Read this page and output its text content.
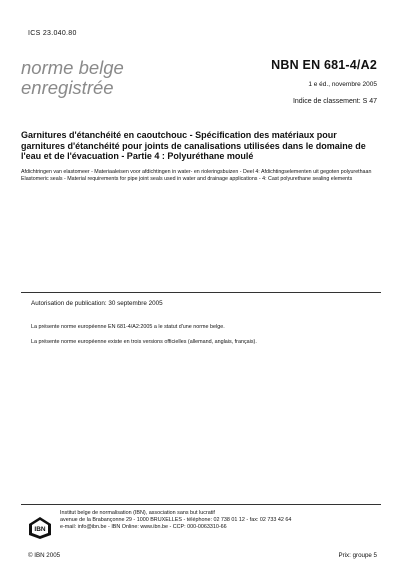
ICS 23.040.80
norme belge
enregistrée
NBN EN 681-4/A2
1 e éd., novembre 2005
Indice de classement: S 47
Garnitures d'étanchéité en caoutchouc - Spécification des matériaux pour garnitures d'étanchéité pour joints de canalisations utilisées dans le domaine de l'eau et de l'évacuation - Partie 4 : Polyuréthane moulé

Afdichtringen van elastomeer - Materiaaleisen voor afdichtingen in water- en rioleringsbuizen - Deel 4: Afdichtingselementen uit gegoten polyurethaan

Elastomeric seals - Material requirements for pipe joint seals used in water and drainage applications - 4: Cast polyurethane sealing elements

Autorisation de publication: 30 septembre 2005

La présente norme européenne EN 681-4/A2:2005 a le statut d'une norme belge.

La présente norme européenne existe en trois versions officielles (allemand, anglais, français).

IBN

Institut belge de normalisation (IBN), association sans but lucratif

avenue de la Brabançonne 29 - 1000 BRUXELLES - téléphone: 02 738 01 12 - fax: 02 733 42 64

e-mail: info@ibn.be - IBN Online: www.ibn.be - CCP: 000-0063310-66

© IBN 2005	Prix: groupe 5
